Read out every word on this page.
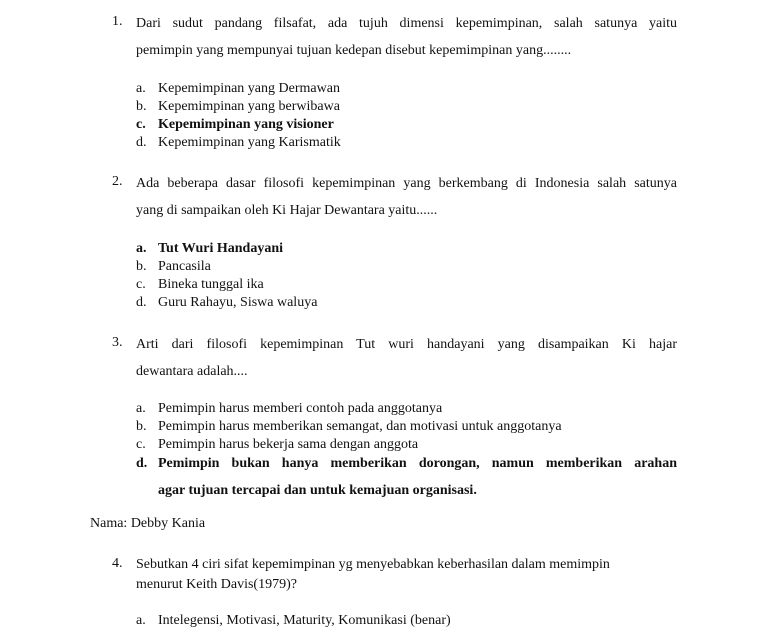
1. Dari sudut pandang filsafat, ada tujuh dimensi kepemimpinan, salah satunya yaitu
pemimpin yang mempunyai tujuan kedepan disebut kepemimpinan yang........
a. Kepemimpinan yang Dermawan
b. Kepemimpinan yang berwibawa
c. Kepemimpinan yang visioner
d. Kepemimpinan yang Karismatik
2. Ada beberapa dasar filosofi kepemimpinan yang berkembang di Indonesia salah satunya
yang di sampaikan oleh Ki Hajar Dewantara yaitu......
a. Tut Wuri Handayani
b. Pancasila
c. Bineka tunggal ika
d. Guru Rahayu, Siswa waluya
3. Arti dari filosofi kepemimpinan Tut wuri handayani yang disampaikan Ki hajar
dewantara adalah....
a. Pemimpin harus memberi contoh pada anggotanya
b. Pemimpin harus memberikan semangat, dan motivasi untuk anggotanya
c. Pemimpin harus bekerja sama dengan anggota
d. Pemimpin bukan hanya memberikan dorongan, namun memberikan arahan
agar tujuan tercapai dan untuk kemajuan organisasi.
Nama: Debby Kania
4. Sebutkan 4 ciri sifat kepemimpinan yg menyebabkan keberhasilan dalam memimpin
menurut Keith Davis(1979)?
a. Intelegensi, Motivasi, Maturity, Komunikasi (benar)
